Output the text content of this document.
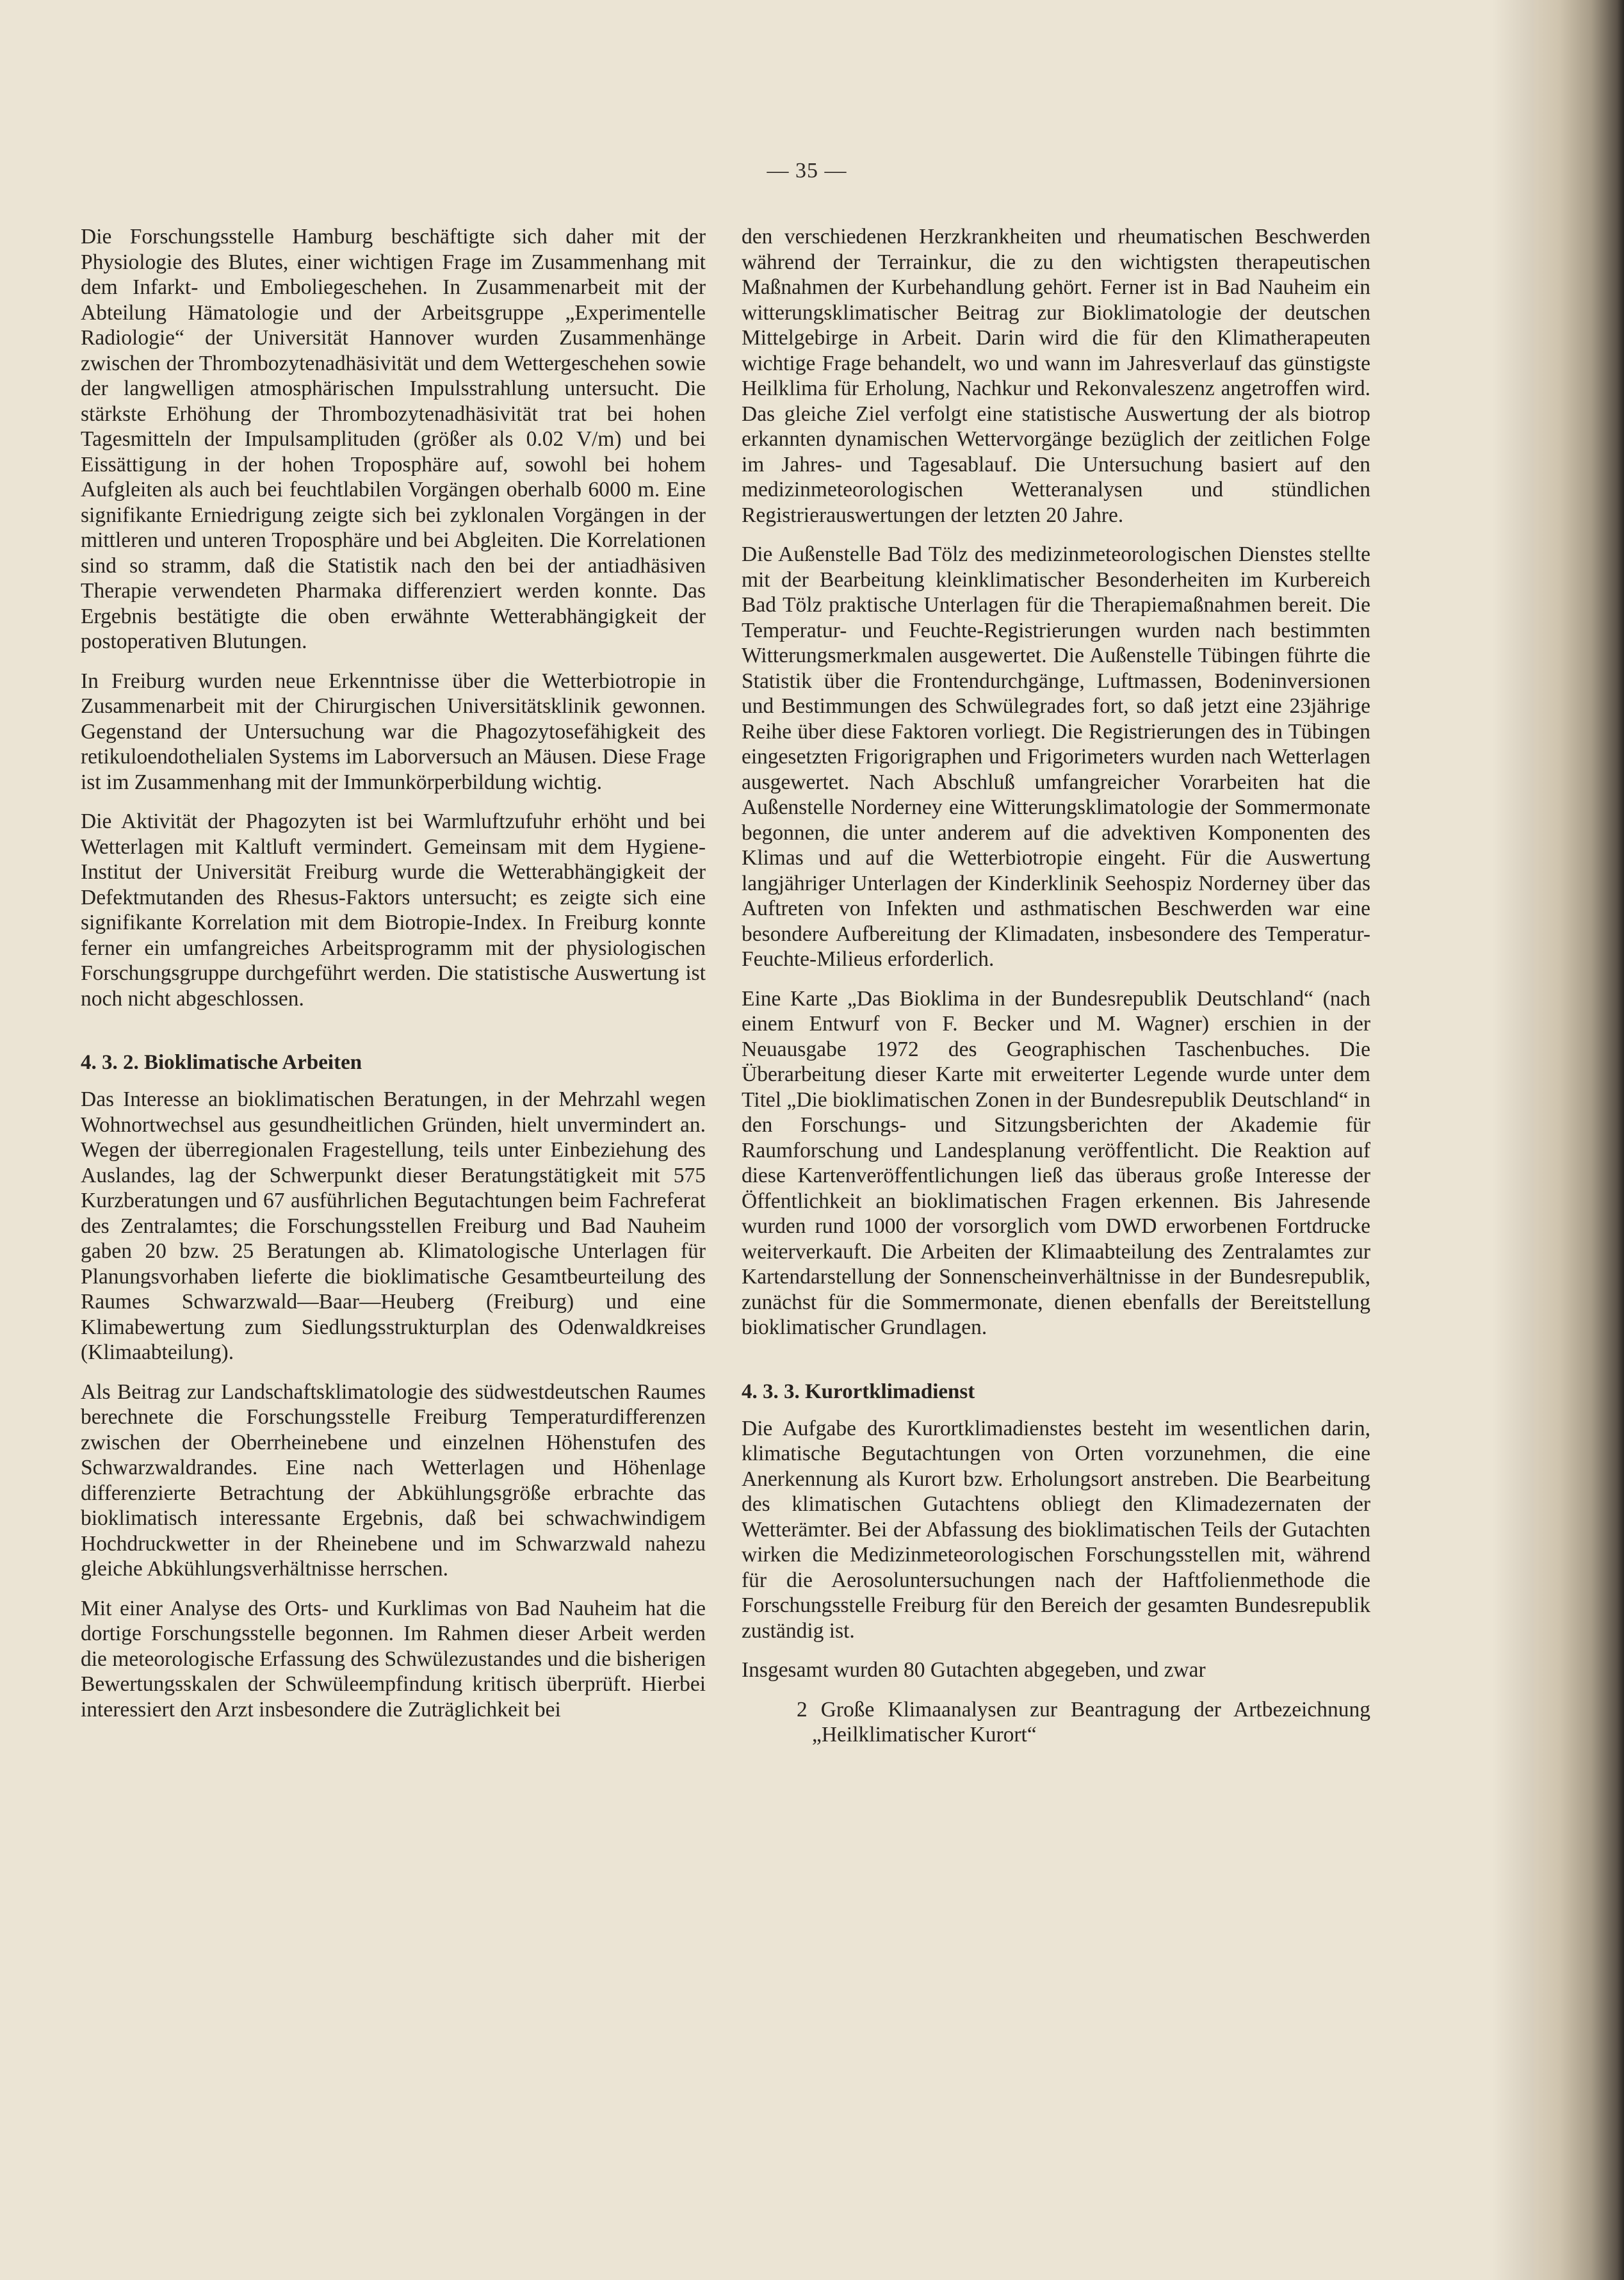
— 35 —

Die Forschungsstelle Hamburg beschäftigte sich daher mit der Physiologie des Blutes, einer wichtigen Frage im Zusammenhang mit dem Infarkt- und Emboliegeschehen. In Zusammenarbeit mit der Abteilung Hämatologie und der Arbeitsgruppe „Experimentelle Radiologie“ der Universität Hannover wurden Zusammenhänge zwischen der Thrombozytenadhäsivität und dem Wettergeschehen sowie der langwelligen atmosphärischen Impulsstrahlung untersucht. Die stärkste Erhöhung der Thrombozytenadhäsivität trat bei hohen Tagesmitteln der Impulsamplituden (größer als 0.02 V/m) und bei Eissättigung in der hohen Troposphäre auf, sowohl bei hohem Aufgleiten als auch bei feuchtlabilen Vorgängen oberhalb 6000 m. Eine signifikante Erniedrigung zeigte sich bei zyklonalen Vorgängen in der mittleren und unteren Troposphäre und bei Abgleiten. Die Korrelationen sind so stramm, daß die Statistik nach den bei der antiadhäsiven Therapie verwendeten Pharmaka differenziert werden konnte. Das Ergebnis bestätigte die oben erwähnte Wetterabhängigkeit der postoperativen Blutungen.

In Freiburg wurden neue Erkenntnisse über die Wetterbiotropie in Zusammenarbeit mit der Chirurgischen Universitätsklinik gewonnen. Gegenstand der Untersuchung war die Phagozytosefähigkeit des retikuloendothelialen Systems im Laborversuch an Mäusen. Diese Frage ist im Zusammenhang mit der Immunkörperbildung wichtig.

Die Aktivität der Phagozyten ist bei Warmluftzufuhr erhöht und bei Wetterlagen mit Kaltluft vermindert. Gemeinsam mit dem Hygiene-Institut der Universität Freiburg wurde die Wetterabhängigkeit der Defektmutanden des Rhesus-Faktors untersucht; es zeigte sich eine signifikante Korrelation mit dem Biotropie-Index. In Freiburg konnte ferner ein umfangreiches Arbeitsprogramm mit der physiologischen Forschungsgruppe durchgeführt werden. Die statistische Auswertung ist noch nicht abgeschlossen.

4. 3. 2. Bioklimatische Arbeiten

Das Interesse an bioklimatischen Beratungen, in der Mehrzahl wegen Wohnortwechsel aus gesundheitlichen Gründen, hielt unvermindert an. Wegen der überregionalen Fragestellung, teils unter Einbeziehung des Auslandes, lag der Schwerpunkt dieser Beratungstätigkeit mit 575 Kurzberatungen und 67 ausführlichen Begutachtungen beim Fachreferat des Zentralamtes; die Forschungsstellen Freiburg und Bad Nauheim gaben 20 bzw. 25 Beratungen ab. Klimatologische Unterlagen für Planungsvorhaben lieferte die bioklimatische Gesamtbeurteilung des Raumes Schwarzwald—Baar—Heuberg (Freiburg) und eine Klimabewertung zum Siedlungsstrukturplan des Odenwaldkreises (Klimaabteilung).

Als Beitrag zur Landschaftsklimatologie des südwestdeutschen Raumes berechnete die Forschungsstelle Freiburg Temperaturdifferenzen zwischen der Oberrheinebene und einzelnen Höhenstufen des Schwarzwaldrandes. Eine nach Wetterlagen und Höhenlage differenzierte Betrachtung der Abkühlungsgröße erbrachte das bioklimatisch interessante Ergebnis, daß bei schwachwindigem Hochdruckwetter in der Rheinebene und im Schwarzwald nahezu gleiche Abkühlungsverhältnisse herrschen.

Mit einer Analyse des Orts- und Kurklimas von Bad Nauheim hat die dortige Forschungsstelle begonnen. Im Rahmen dieser Arbeit werden die meteorologische Erfassung des Schwülezustandes und die bisherigen Bewertungsskalen der Schwüleempfindung kritisch überprüft. Hierbei interessiert den Arzt insbesondere die Zuträglichkeit bei

den verschiedenen Herzkrankheiten und rheumatischen Beschwerden während der Terrainkur, die zu den wichtigsten therapeutischen Maßnahmen der Kurbehandlung gehört. Ferner ist in Bad Nauheim ein witterungsklimatischer Beitrag zur Bioklimatologie der deutschen Mittelgebirge in Arbeit. Darin wird die für den Klimatherapeuten wichtige Frage behandelt, wo und wann im Jahresverlauf das günstigste Heilklima für Erholung, Nachkur und Rekonvaleszenz angetroffen wird. Das gleiche Ziel verfolgt eine statistische Auswertung der als biotrop erkannten dynamischen Wettervorgänge bezüglich der zeitlichen Folge im Jahres- und Tagesablauf. Die Untersuchung basiert auf den medizinmeteorologischen Wetteranalysen und stündlichen Registrierauswertungen der letzten 20 Jahre.

Die Außenstelle Bad Tölz des medizinmeteorologischen Dienstes stellte mit der Bearbeitung kleinklimatischer Besonderheiten im Kurbereich Bad Tölz praktische Unterlagen für die Therapiemaßnahmen bereit. Die Temperatur- und Feuchte-Registrierungen wurden nach bestimmten Witterungsmerkmalen ausgewertet. Die Außenstelle Tübingen führte die Statistik über die Frontendurchgänge, Luftmassen, Bodeninversionen und Bestimmungen des Schwülegrades fort, so daß jetzt eine 23jährige Reihe über diese Faktoren vorliegt. Die Registrierungen des in Tübingen eingesetzten Frigorigraphen und Frigorimeters wurden nach Wetterlagen ausgewertet. Nach Abschluß umfangreicher Vorarbeiten hat die Außenstelle Norderney eine Witterungsklimatologie der Sommermonate begonnen, die unter anderem auf die advektiven Komponenten des Klimas und auf die Wetterbiotropie eingeht. Für die Auswertung langjähriger Unterlagen der Kinderklinik Seehospiz Norderney über das Auftreten von Infekten und asthmatischen Beschwerden war eine besondere Aufbereitung der Klimadaten, insbesondere des Temperatur-Feuchte-Milieus erforderlich.

Eine Karte „Das Bioklima in der Bundesrepublik Deutschland“ (nach einem Entwurf von F. Becker und M. Wagner) erschien in der Neuausgabe 1972 des Geographischen Taschenbuches. Die Überarbeitung dieser Karte mit erweiterter Legende wurde unter dem Titel „Die bioklimatischen Zonen in der Bundesrepublik Deutschland“ in den Forschungs- und Sitzungsberichten der Akademie für Raumforschung und Landesplanung veröffentlicht. Die Reaktion auf diese Kartenveröffentlichungen ließ das überaus große Interesse der Öffentlichkeit an bioklimatischen Fragen erkennen. Bis Jahresende wurden rund 1000 der vorsorglich vom DWD erworbenen Fortdrucke weiterverkauft. Die Arbeiten der Klimaabteilung des Zentralamtes zur Kartendarstellung der Sonnenscheinverhältnisse in der Bundesrepublik, zunächst für die Sommermonate, dienen ebenfalls der Bereitstellung bioklimatischer Grundlagen.

4. 3. 3. Kurortklimadienst

Die Aufgabe des Kurortklimadienstes besteht im wesentlichen darin, klimatische Begutachtungen von Orten vorzunehmen, die eine Anerkennung als Kurort bzw. Erholungsort anstreben. Die Bearbeitung des klimatischen Gutachtens obliegt den Klimadezernaten der Wetterämter. Bei der Abfassung des bioklimatischen Teils der Gutachten wirken die Medizinmeteorologischen Forschungsstellen mit, während für die Aerosoluntersuchungen nach der Haftfolienmethode die Forschungsstelle Freiburg für den Bereich der gesamten Bundesrepublik zuständig ist.

Insgesamt wurden 80 Gutachten abgegeben, und zwar

2 Große Klimaanalysen zur Beantragung der Artbezeichnung „Heilklimatischer Kurort“
